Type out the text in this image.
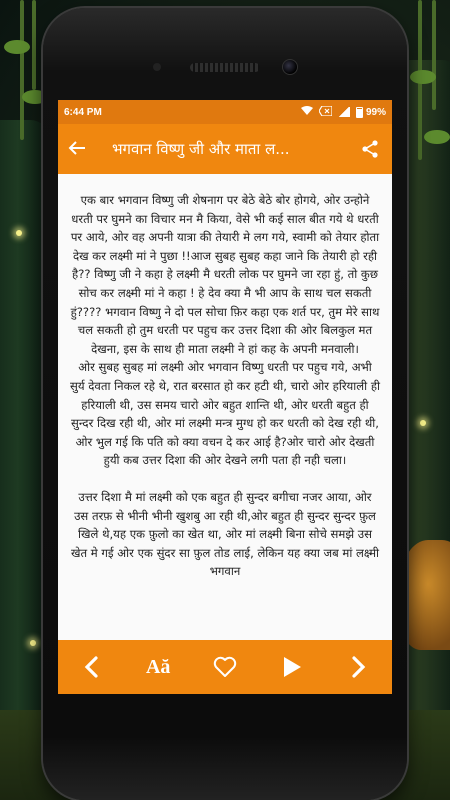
6:44 PM	99%
भगवान विष्णु जी और माता ल...

एक बार भगवान विष्णु जी शेषनाग पर बेठे बेठे बोर होगये, ओर उन्होने धरती पर घुमने का विचार मन मै किया, वेसे भी कई साल बीत गये थे धरती पर आये, ओर वह अपनी यात्रा की तेयारी मे लग गये, स्वामी को तेयार होता देख कर लक्ष्मी मां ने पुछा !!आज सुबह सुबह कहा जाने कि तेयारी हो रही है?? विष्णु जी ने कहा हे लक्ष्मी मै धरती लोक पर घुमने जा रहा हुं, तो कुछ सोच कर लक्ष्मी मां ने कहा ! हे देव क्या मै भी आप के साथ चल सकती हुं???? भगवान विष्णु ने दो पल सोचा फ़िर कहा एक शर्त पर, तुम मेरे साथ चल सकती हो तुम धरती पर पहुच कर उत्तर दिशा की ओर बिलकुल मत देखना, इस के साथ ही माता लक्ष्मी ने हां कह के अपनी मनवाली।

ओर सुबह सुबह मां लक्ष्मी ओर भगवान विष्णु धरती पर पहुच गये, अभी सुर्य देवता निकल रहे थे, रात बरसात हो कर हटी थी, चारो ओर हरियाली ही हरियाली थी, उस समय चारो ओर बहुत शान्ति थी, ओर धरती बहुत ही सुन्दर दिख रही थी, ओर मां लक्ष्मी मन्त्र मुग्ध हो कर धरती को देख रही थी, ओर भुल गई कि पति को क्या वचन दे कर आई है?ओर चारो ओर देखती हुयी कब उत्तर दिशा की ओर देखने लगी पता ही नही चला।

उत्तर दिशा मै मां लक्ष्मी को एक बहुत ही सुन्दर बगीचा नजर आया, ओर उस तरफ़ से भीनी भीनी खुशबु आ रही थी,ओर बहुत ही सुन्दर सुन्दर फ़ुल खिले थे,यह एक फ़ुलो का खेत था, ओर मां लक्ष्मी बिना सोचे समझे उस खेत मे गई ओर एक सुंदर सा फ़ुल तोड लाई, लेकिन यह क्या जब मां लक्ष्मी भगवान

Aă
